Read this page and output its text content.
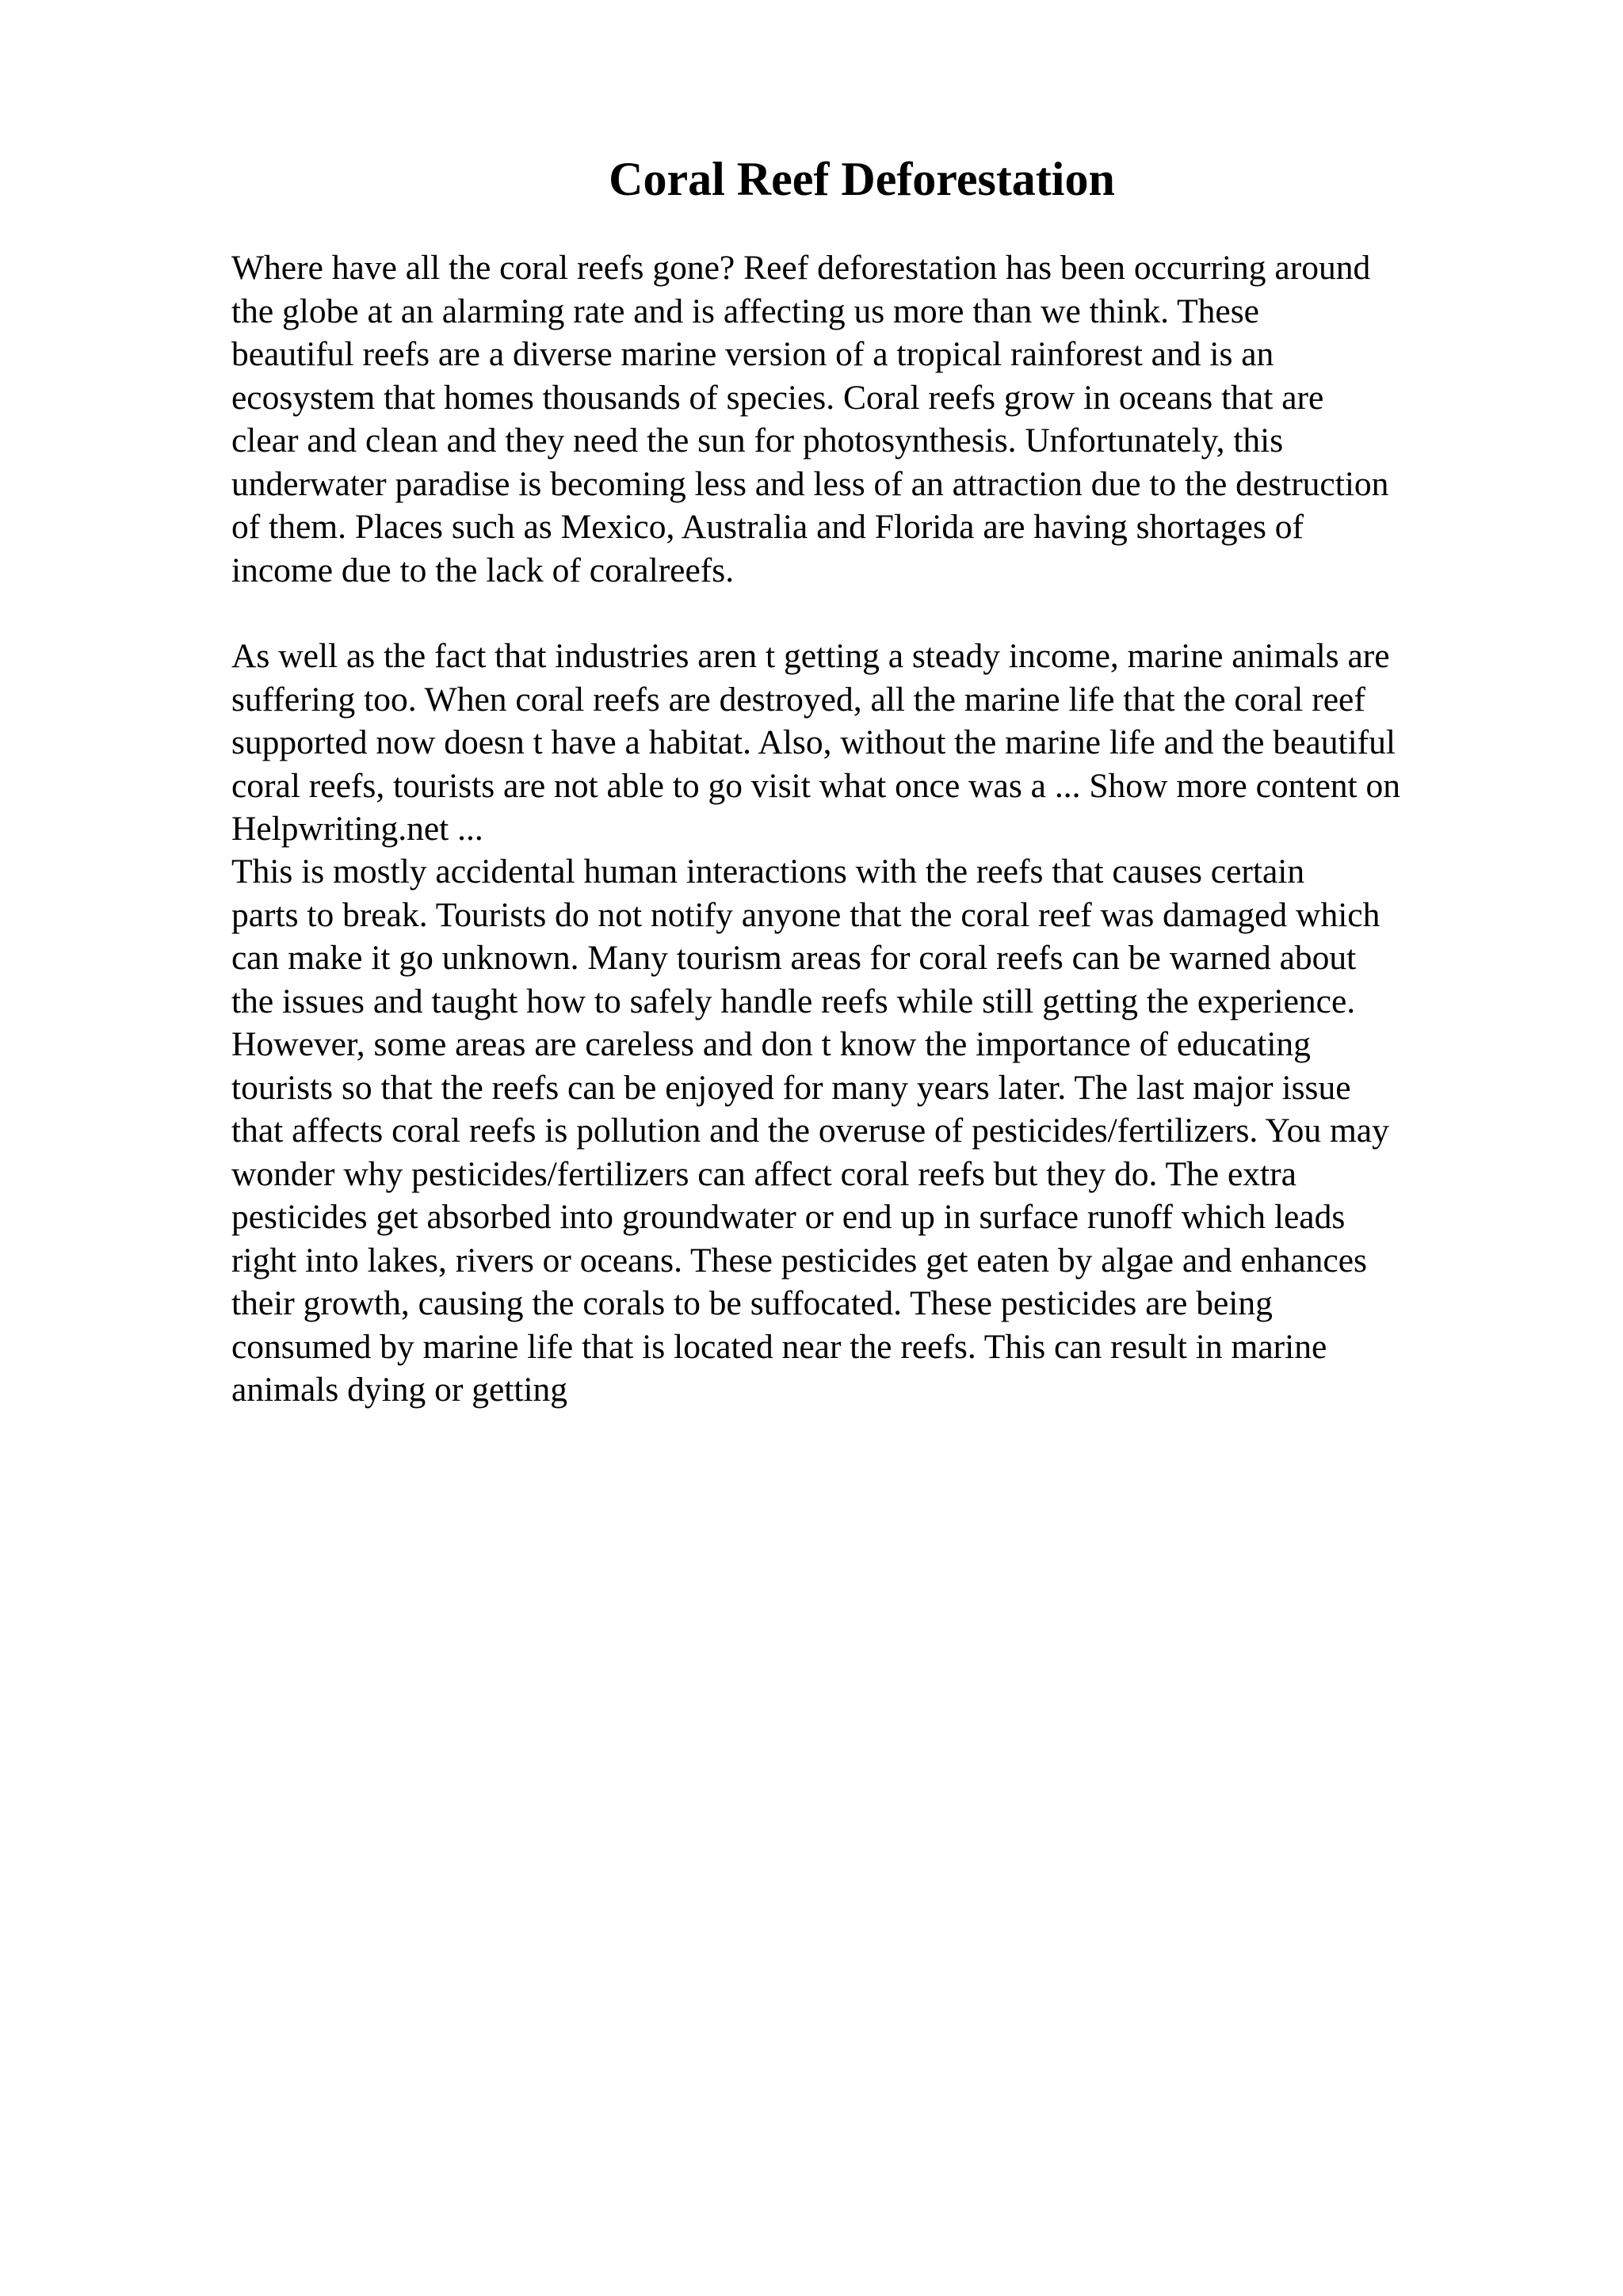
Coral Reef Deforestation

Where have all the coral reefs gone? Reef deforestation has been occurring around
the globe at an alarming rate and is affecting us more than we think. These
beautiful reefs are a diverse marine version of a tropical rainforest and is an
ecosystem that homes thousands of species. Coral reefs grow in oceans that are
clear and clean and they need the sun for photosynthesis. Unfortunately, this
underwater paradise is becoming less and less of an attraction due to the destruction
of them. Places such as Mexico, Australia and Florida are having shortages of
income due to the lack of coralreefs.

As well as the fact that industries aren t getting a steady income, marine animals are
suffering too. When coral reefs are destroyed, all the marine life that the coral reef
supported now doesn t have a habitat. Also, without the marine life and the beautiful
coral reefs, tourists are not able to go visit what once was a ... Show more content on
Helpwriting.net ...

This is mostly accidental human interactions with the reefs that causes certain
parts to break. Tourists do not notify anyone that the coral reef was damaged which
can make it go unknown. Many tourism areas for coral reefs can be warned about
the issues and taught how to safely handle reefs while still getting the experience.
However, some areas are careless and don t know the importance of educating
tourists so that the reefs can be enjoyed for many years later. The last major issue
that affects coral reefs is pollution and the overuse of pesticides/fertilizers. You may
wonder why pesticides/fertilizers can affect coral reefs but they do. The extra
pesticides get absorbed into groundwater or end up in surface runoff which leads
right into lakes, rivers or oceans. These pesticides get eaten by algae and enhances
their growth, causing the corals to be suffocated. These pesticides are being
consumed by marine life that is located near the reefs. This can result in marine
animals dying or getting
